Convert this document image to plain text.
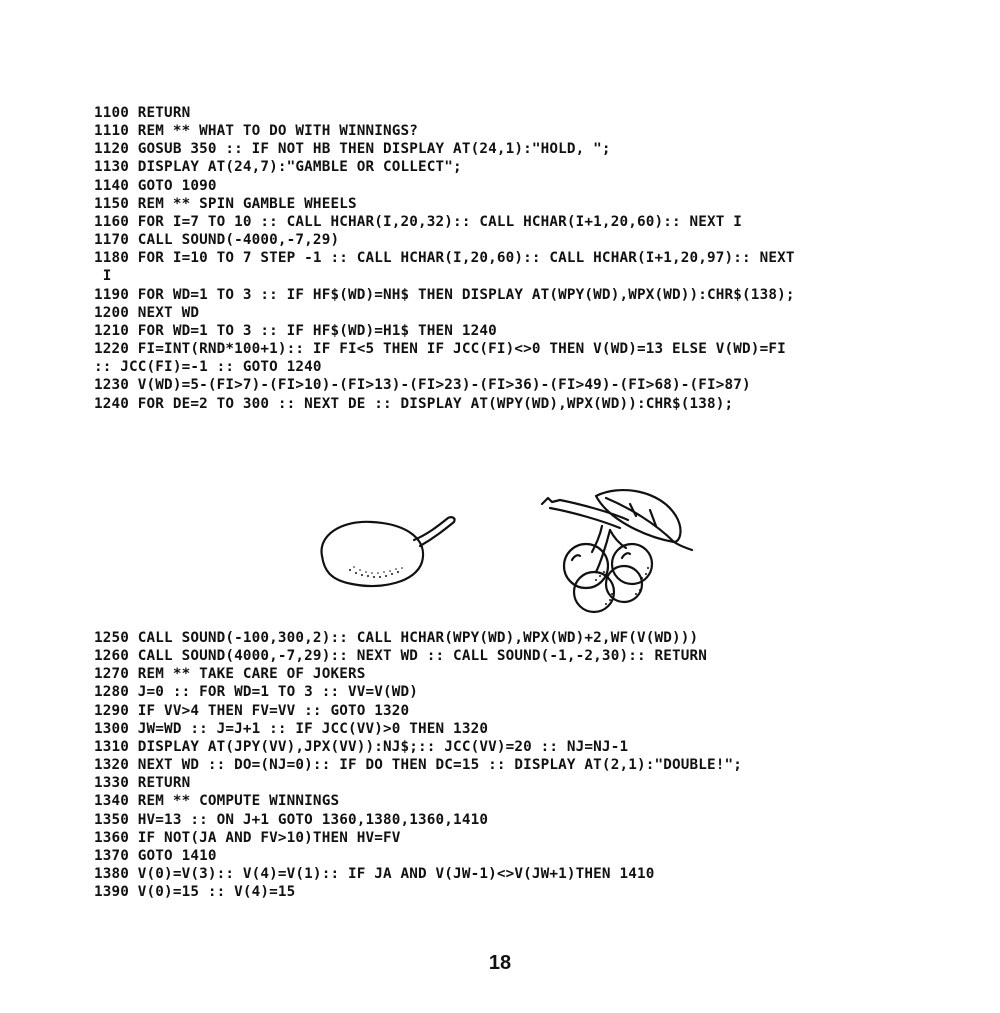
1100 RETURN
1110 REM ** WHAT TO DO WITH WINNINGS?
1120 GOSUB 350 :: IF NOT HB THEN DISPLAY AT(24,1):"HOLD, ";
1130 DISPLAY AT(24,7):"GAMBLE OR COLLECT";
1140 GOTO 1090
1150 REM ** SPIN GAMBLE WHEELS
1160 FOR I=7 TO 10 :: CALL HCHAR(I,20,32):: CALL HCHAR(I+1,20,60):: NEXT I
1170 CALL SOUND(-4000,-7,29)
1180 FOR I=10 TO 7 STEP -1 :: CALL HCHAR(I,20,60):: CALL HCHAR(I+1,20,97):: NEXT
I
1190 FOR WD=1 TO 3 :: IF HF$(WD)=NH$ THEN DISPLAY AT(WPY(WD),WPX(WD)):CHR$(138);
1200 NEXT WD
1210 FOR WD=1 TO 3 :: IF HF$(WD)=H1$ THEN 1240
1220 FI=INT(RND*100+1):: IF FI<5 THEN IF JCC(FI)<>0 THEN V(WD)=13 ELSE V(WD)=FI
:: JCC(FI)=-1 :: GOTO 1240
1230 V(WD)=5-(FI>7)-(FI>10)-(FI>13)-(FI>23)-(FI>36)-(FI>49)-(FI>68)-(FI>87)
1240 FOR DE=2 TO 300 :: NEXT DE :: DISPLAY AT(WPY(WD),WPX(WD)):CHR$(138);
1250 CALL SOUND(-100,300,2):: CALL HCHAR(WPY(WD),WPX(WD)+2,WF(V(WD)))
1260 CALL SOUND(4000,-7,29):: NEXT WD :: CALL SOUND(-1,-2,30):: RETURN
1270 REM ** TAKE CARE OF JOKERS
1280 J=0 :: FOR WD=1 TO 3 :: VV=V(WD)
1290 IF VV>4 THEN FV=VV :: GOTO 1320
1300 JW=WD :: J=J+1 :: IF JCC(VV)>0 THEN 1320
1310 DISPLAY AT(JPY(VV),JPX(VV)):NJ$;:: JCC(VV)=20 :: NJ=NJ-1
1320 NEXT WD :: DO=(NJ=0):: IF DO THEN DC=15 :: DISPLAY AT(2,1):"DOUBLE!";
1330 RETURN
1340 REM ** COMPUTE WINNINGS
1350 HV=13 :: ON J+1 GOTO 1360,1380,1360,1410
1360 IF NOT(JA AND FV>10)THEN HV=FV
1370 GOTO 1410
1380 V(0)=V(3):: V(4)=V(1):: IF JA AND V(JW-1)<>V(JW+1)THEN 1410
1390 V(0)=15 :: V(4)=15
18
